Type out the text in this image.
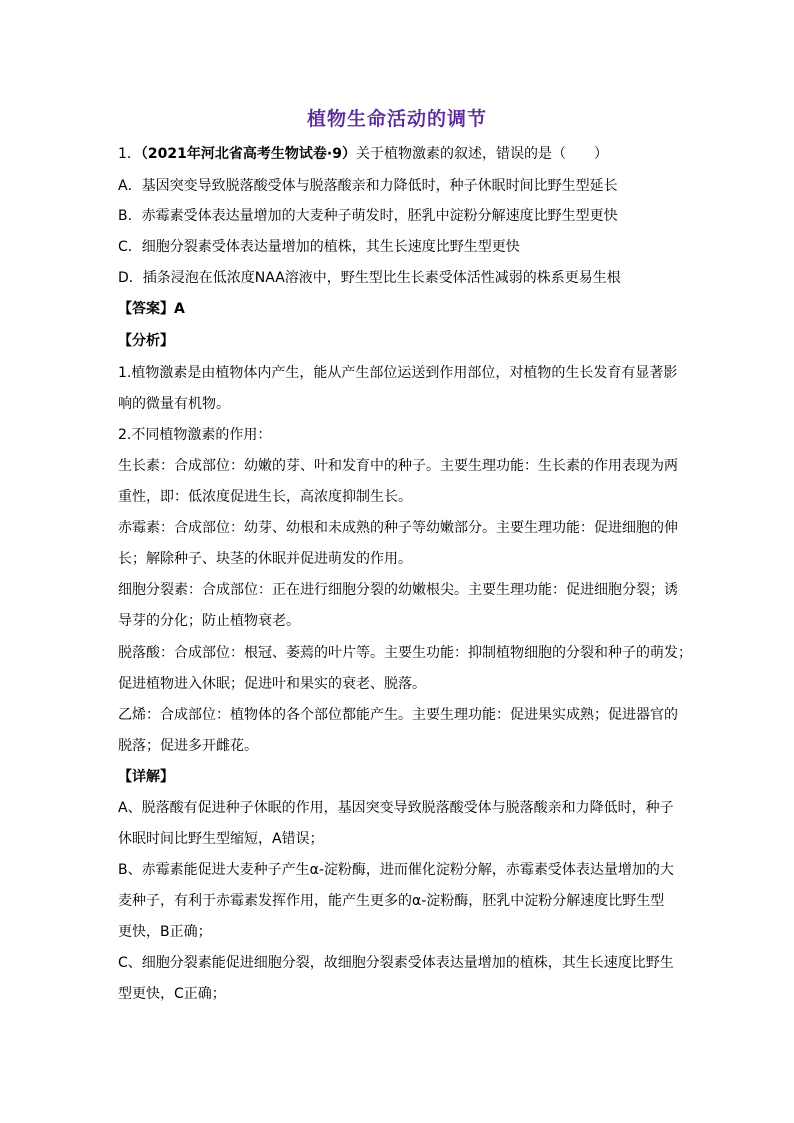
植物生命活动的调节
1．（2021年河北省高考生物试卷·9）关于植物激素的叙述，错误的是（　　）
A．基因突变导致脱落酸受体与脱落酸亲和力降低时，种子休眠时间比野生型延长
B．赤霉素受体表达量增加的大麦种子萌发时，胚乳中淀粉分解速度比野生型更快
C．细胞分裂素受体表达量增加的植株，其生长速度比野生型更快
D．插条浸泡在低浓度NAA溶液中，野生型比生长素受体活性减弱的株系更易生根
【答案】A
【分析】
1.植物激素是由植物体内产生，能从产生部位运送到作用部位，对植物的生长发育有显著影
响的微量有机物。
2.不同植物激素的作用：
生长素：合成部位：幼嫩的芽、叶和发育中的种子。主要生理功能：生长素的作用表现为两
重性，即：低浓度促进生长，高浓度抑制生长。
赤霉素：合成部位：幼芽、幼根和未成熟的种子等幼嫩部分。主要生理功能：促进细胞的伸
长；解除种子、块茎的休眠并促进萌发的作用。
细胞分裂素：合成部位：正在进行细胞分裂的幼嫩根尖。主要生理功能：促进细胞分裂；诱
导芽的分化；防止植物衰老。
脱落酸：合成部位：根冠、萎蔫的叶片等。主要生功能：抑制植物细胞的分裂和种子的萌发；
促进植物进入休眠；促进叶和果实的衰老、脱落。
乙烯：合成部位：植物体的各个部位都能产生。主要生理功能：促进果实成熟；促进器官的
脱落；促进多开雌花。
【详解】
A、脱落酸有促进种子休眠的作用，基因突变导致脱落酸受体与脱落酸亲和力降低时，种子
休眠时间比野生型缩短，A错误；
B、赤霉素能促进大麦种子产生α-淀粉酶，进而催化淀粉分解，赤霉素受体表达量增加的大
麦种子，有利于赤霉素发挥作用，能产生更多的α-淀粉酶，胚乳中淀粉分解速度比野生型
更快，B正确；
C、细胞分裂素能促进细胞分裂，故细胞分裂素受体表达量增加的植株，其生长速度比野生
型更快，C正确；
